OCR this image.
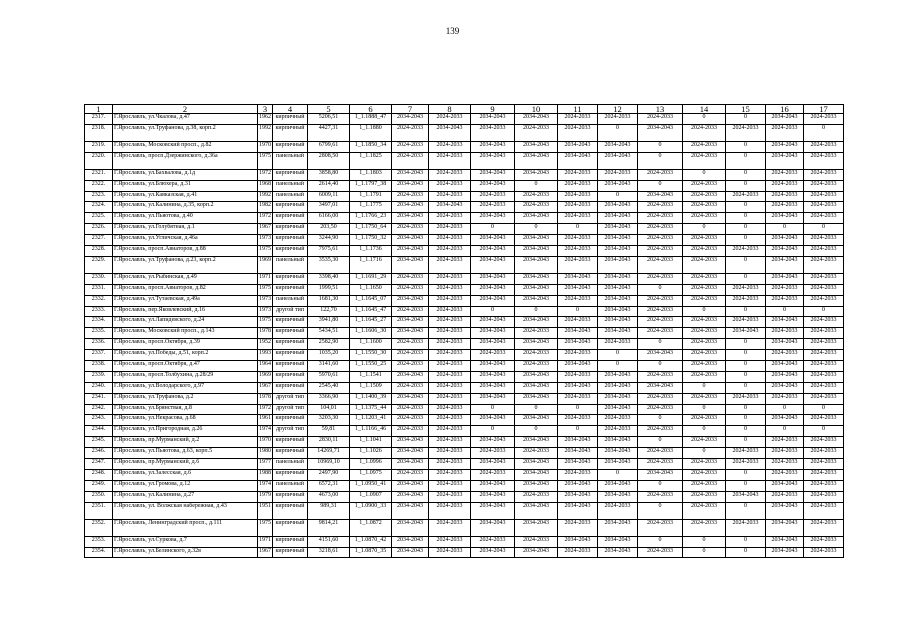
139
1	2	3	4	5	6	7	8	9	10	11	12	13	14	15	16	17
2317.	Г.Ярославль, ул.Чкалова, д.47	1962	кирпичный	5206,51	1_1.1888_47	2034-2043	2024-2033	2034-2043	2034-2043	2024-2033	2024-2033	2024-2033	0	0	2034-2043	2024-2033
2318.	Г.Ярославль, ул.Труфанова, д.38, корп.2	1992	кирпичный	4427,31	1_1.1880	2024-2033	2034-2043	2034-2033	2024-2033	2024-2033	0	2034-2043	2024-2033	2024-2033	2024-2033	0
2319.	Г.Ярославль, Московский просп., д.82	1970	кирпичный	6799,61	1_1.1850_34	2024-2033	2024-2033	2034-2043	2034-2043	2034-2043	2034-2043	0	2024-2033	0	2034-2043	2024-2033
2320.	Г.Ярославль, просп.Дзержинского, д.36а	1975	панельный	2808,50	1_1.1825	2024-2033	2024-2033	2034-2043	2034-2043	2034-2043	2034-2043	0	2024-2033	0	2034-2043	2024-2033
2321.	Г.Ярославль, ул.Бахвалова, д.1д	1972	кирпичный	3858,80	1_1.1803	2034-2043	2024-2033	2034-2043	2034-2043	2024-2033	2024-2033	2024-2033	0	0	2024-2033	2024-2033
2322.	Г.Ярославль, ул.Блюхера, д.31	1968	панельный	2614,40	1_1.1797_38	2034-2043	2024-2033	2034-2043	0	2024-2033	2034-2043	0	2024-2033	0	2024-2033	2024-2033
2323.	Г.Ярославль, ул.Кавказская, д.41	1992	панельный	6009,11	1_1.1791	2024-2033	2024-2033	2024-2033	2024-2033	2024-2033	0	2034-2043	2024-2033	2024-2033	2024-2033	2024-2033
2324.	Г.Ярославль, ул.Калинина, д.35, корп.2	1982	кирпичный	3497,01	1_1.1775	2034-2043	2034-2043	2024-2033	2024-2033	2024-2033	2034-2043	2024-2033	2024-2033	0	2024-2033	2024-2033
2325.	Г.Ярославль, ул.Пьяотова, д.40	1972	кирпичный	6166,00	1_1.1766_23	2034-2043	2024-2033	2034-2043	2034-2043	2024-2033	2034-2043	2024-2033	2024-2033	0	2034-2043	2024-2033
2326.	Г.Ярославль, ул.Голубятная, д.1	1967	кирпичный	203,50	1_1.1750_64	2024-2033	2024-2033	0	0	0	2034-2043	2024-2033	0	0	0	0
2327.	Г.Ярославль, ул.Угличская, д.46а	1973	кирпичный	3244,90	1_1.1750_32	2034-2043	2024-2033	2034-2043	2034-2043	2024-2033	2034-2043	2024-2033	2024-2033	0	2034-2043	2024-2033
2328.	Г.Ярославль, просп.Авиаторов, д.88	1975	кирпичный	7975,61	1_1.1736	2034-2043	2024-2033	2034-2043	2034-2043	2024-2033	2034-2043	2024-2033	2024-2033	2024-2033	2034-2043	2024-2033
2329.	Г.Ярославль, ул.Труфанова, д.23, корп.2	1969	панельный	3535,30	1_1.1716	2034-2043	2024-2033	2034-2043	2034-2043	2024-2033	2034-2043	2024-2033	2024-2033	0	2034-2043	2024-2033
2330.	Г.Ярославль, ул.Рыбинская, д.49	1971	кирпичный	3398,40	1_1.1691_29	2024-2033	2024-2033	2034-2043	2034-2043	2034-2043	2034-2043	2024-2033	2024-2033	0	2034-2043	2024-2033
2331.	Г.Ярославль, просп.Авиаторов, д.82	1975	кирпичный	1999,51	1_1.1650	2024-2033	2024-2033	2034-2043	2034-2043	2034-2043	2034-2043	0	2024-2033	2024-2033	2024-2033	2024-2033
2332.	Г.Ярославль, ул.Тутаевская, д.49а	1973	панельный	1681,30	1_1.1645_07	2034-2043	2024-2033	2034-2043	2034-2043	2024-2033	2034-2043	2024-2033	2024-2033	2024-2033	2024-2033	2024-2033
2333.	Г.Ярославль, пер.Яковлевский, д.16	1973	другой тип	122,70	1_1.1645_47	2024-2033	2024-2033	0	0	0	2034-2043	2024-2033	0	0	0	0
2334.	Г.Ярославль, ул.Лапидевского, д.24	1975	кирпичный	3941,80	1_1.1645_27	2034-2043	2024-2033	2034-2043	2034-2043	2024-2033	2034-2043	2024-2033	2024-2033	2024-2033	2034-2043	2024-2033
2335.	Г.Ярославль, Московский просп., д.143	1978	кирпичный	5434,51	1_1.1606_30	2034-2043	2024-2033	2034-2043	2024-2033	2034-2043	2034-2043	2024-2033	2024-2033	2034-2043	2024-2033	2024-2033
2336.	Г.Ярославль, просп.Октября, д.39	1952	кирпичный	2582,90	1_1.1600	2024-2033	2024-2033	2034-2043	2034-2043	2034-2043	2024-2033	0	2024-2033	0	2034-2043	2024-2033
2337.	Г.Ярославль, ул.Победы, д.51, корп.2	1993	кирпичный	1035,20	1_1.1550_30	2024-2033	2024-2033	2024-2033	2024-2033	2024-2033	0	2034-2043	2024-2033	0	2024-2033	2024-2033
2338.	Г.Ярославль, просп.Октября, д.47	1964	кирпичный	3141,60	1_1.1550_25	2024-2033	2024-2033	2034-2043	2024-2033	2034-2043	0	0	2024-2033	0	2034-2043	2024-2033
2339.	Г.Ярославль, просп.Толбухина, д.28/29	1969	кирпичный	5970,61	1_1.1541	2034-2043	2024-2033	2034-2043	2034-2043	2024-2033	2034-2043	2024-2033	2024-2033	0	2034-2043	2024-2033
2340.	Г.Ярославль, ул.Володарского, д.97	1967	кирпичный	2545,40	1_1.1509	2024-2033	2024-2033	2034-2043	2034-2043	2034-2043	2034-2043	2034-2043	0	0	2034-2043	2024-2033
2341.	Г.Ярославль, ул.Труфанова, д.2	1978	другой тип	3366,90	1_1.1400_39	2034-2043	2024-2033	2034-2043	2034-2043	2024-2033	2034-2043	2024-2033	2024-2033	2024-2033	2024-2033	2024-2033
2342.	Г.Ярославль, ул.Брянствая, д.8	1972	другой тип	104,01	1_1.1375_44	2024-2033	2024-2033	0	0	0	2034-2043	2024-2033	0	0	0	0
2343.	Г.Ярославль, ул.Некрасова, д.68	1961	кирпичный	3203,30	1_1.1203_41	2024-2033	2024-2033	2034-2043	2034-2043	2024-2033	2024-2033	0	2024-2033	0	2034-2043	2024-2033
2344.	Г.Ярославль, ул.Пригородная, д.26	1974	другой тип	59,81	1_1.1166_46	2024-2033	2024-2033	0	0	0	2024-2033	2024-2033	0	0	0	0
2345.	Г.Ярославль, пр.Мурманский, д.2	1970	кирпичный	2830,11	1_1.1041	2034-2043	2024-2033	2034-2043	2034-2043	2034-2043	2034-2043	0	2024-2033	0	2024-2033	2024-2033
2346.	Г.Ярославль, ул.Пьяотова, д.63, корп.5	1980	кирпичный	14269,71	1_1.1026	2034-2043	2024-2033	2024-2033	2024-2033	2034-2043	2034-2043	2024-2033	0	2024-2033	2024-2033	2024-2033
2347.	Г.Ярославль, пр.Мурманский, д.6	1977	панельный	10969,10	1_1.0996	2034-2043	2024-2033	2034-2043	2034-2043	2034-2043	2034-2043	2024-2033	2024-2033	2024-2033	2024-2033	2024-2033
2348.	Г.Ярославль, ул.Залесская, д.6	1988	кирпичный	2497,90	1_1.0975	2024-2033	2024-2033	2024-2033	2034-2043	2024-2033	0	2034-2043	2024-2033	0	2024-2033	2024-2033
2349.	Г.Ярославль, ул.Громова, д.12	1974	панельный	6572,31	1_1.0950_41	2034-2043	2024-2033	2034-2043	2034-2043	2034-2043	2034-2043	0	2024-2033	0	2034-2043	2024-2033
2350.	Г.Ярославль, ул.Калинина, д.27	1979	кирпичный	4673,00	1_1.0907	2034-2043	2024-2033	2034-2043	2024-2033	2034-2043	2034-2043	2024-2033	2024-2033	2034-2043	2024-2033	2024-2033
2351.	Г.Ярославль, ул. Волжская набережная, д.43	1951	кирпичный	989,31	1_1.0900_33	2034-2043	2024-2033	2034-2043	2034-2043	2034-2043	2024-2033	0	2024-2033	0	2034-2043	2024-2033
2352.	Г.Ярославль, Ленинградский просп., д.111	1975	кирпичный	9814,21	1_1.0872	2034-2043	2024-2033	2034-2043	2034-2043	2024-2033	2034-2043	2024-2033	2024-2033	2024-2033	2034-2043	2024-2033
2353.	Г.Ярославль, ул.Суркова, д.7	1971	кирпичный	4151,60	1_1.0870_42	2034-2043	2024-2033	2024-2033	2024-2033	2034-2043	2034-2043	0	0	0	2034-2043	2024-2033
2354.	Г.Ярославль, ул.Белинского, д.32в	1967	кирпичный	3218,61	1_1.0870_35	2034-2043	2024-2033	2034-2043	2034-2043	2024-2033	2034-2043	2024-2033	0	0	2034-2043	2024-2033
